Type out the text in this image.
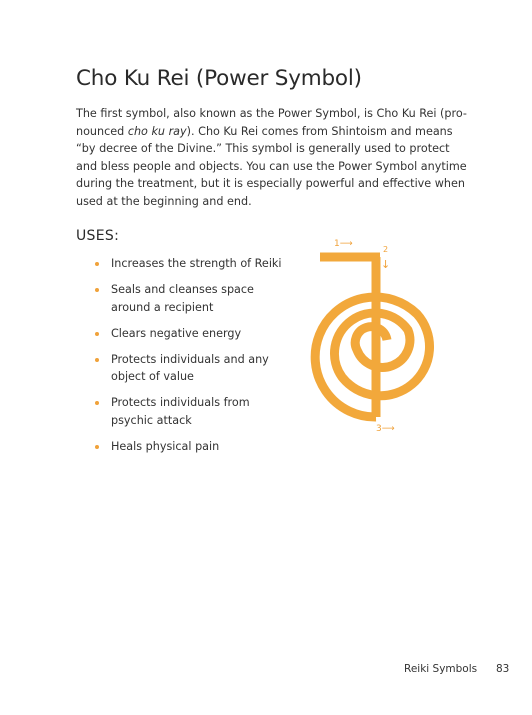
Cho Ku Rei (Power Symbol)

The first symbol, also known as the Power Symbol, is Cho Ku Rei (pro- nounced cho ku ray). Cho Ku Rei comes from Shintoism and means “by decree of the Divine.” This symbol is generally used to protect and bless people and objects. You can use the Power Symbol anytime during the treatment, but it is especially powerful and effective when used at the beginning and end.

USES:
Increases the strength of Reiki
Seals and cleanses space around a recipient
Clears negative energy
Protects individuals and any object of value
Protects individuals from psychic attack
Heals physical pain
1⟶
2
↓
3⟶

Reiki Symbols 83
